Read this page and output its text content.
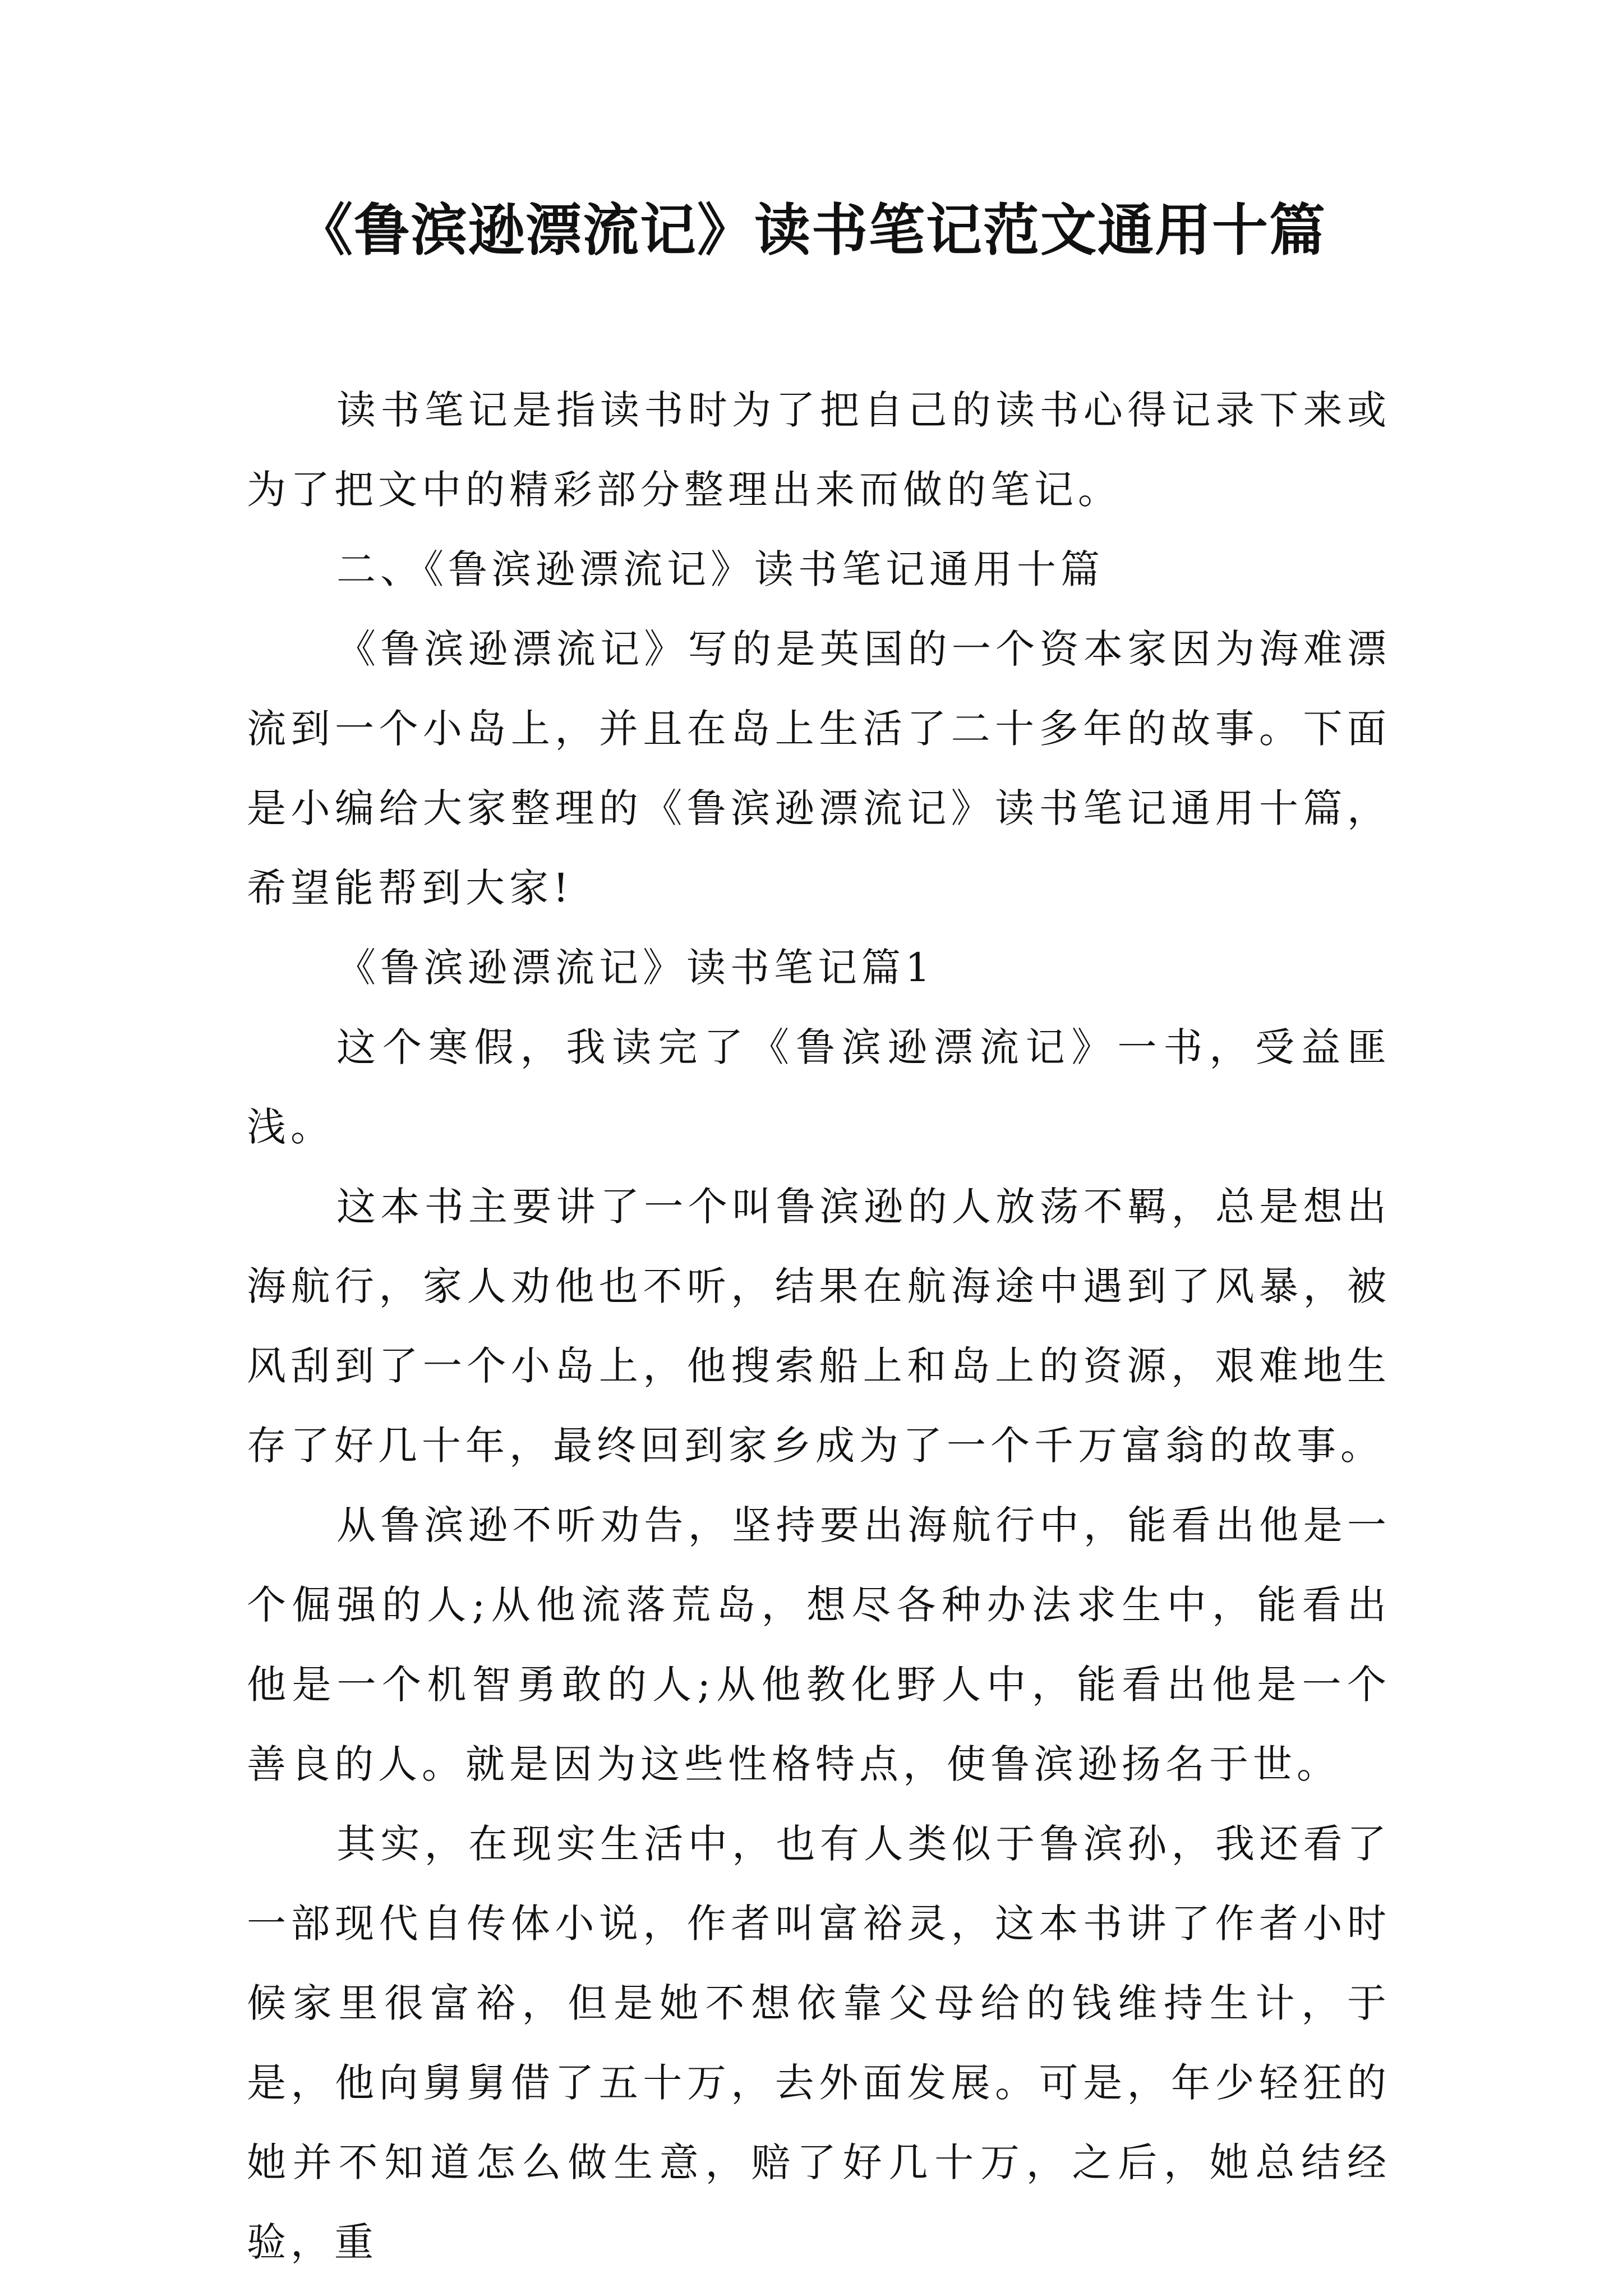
《鲁滨逊漂流记》读书笔记范文通用十篇

读书笔记是指读书时为了把自己的读书心得记录下来或为了把文中的精彩部分整理出来而做的笔记。

二、《鲁滨逊漂流记》读书笔记通用十篇

《鲁滨逊漂流记》写的是英国的一个资本家因为海难漂流到一个小岛上，并且在岛上生活了二十多年的故事。下面是小编给大家整理的《鲁滨逊漂流记》读书笔记通用十篇，希望能帮到大家!

《鲁滨逊漂流记》读书笔记篇1

这个寒假，我读完了《鲁滨逊漂流记》一书，受益匪浅。

这本书主要讲了一个叫鲁滨逊的人放荡不羁，总是想出海航行，家人劝他也不听，结果在航海途中遇到了风暴，被风刮到了一个小岛上，他搜索船上和岛上的资源，艰难地生存了好几十年，最终回到家乡成为了一个千万富翁的故事。

从鲁滨逊不听劝告，坚持要出海航行中，能看出他是一个倔强的人;从他流落荒岛，想尽各种办法求生中，能看出他是一个机智勇敢的人;从他教化野人中，能看出他是一个善良的人。就是因为这些性格特点，使鲁滨逊扬名于世。

其实，在现实生活中，也有人类似于鲁滨孙，我还看了一部现代自传体小说，作者叫富裕灵，这本书讲了作者小时候家里很富裕，但是她不想依靠父母给的钱维持生计，于是，他向舅舅借了五十万，去外面发展。可是，年少轻狂的她并不知道怎么做生意，赔了好几十万，之后，她总结经验，重
